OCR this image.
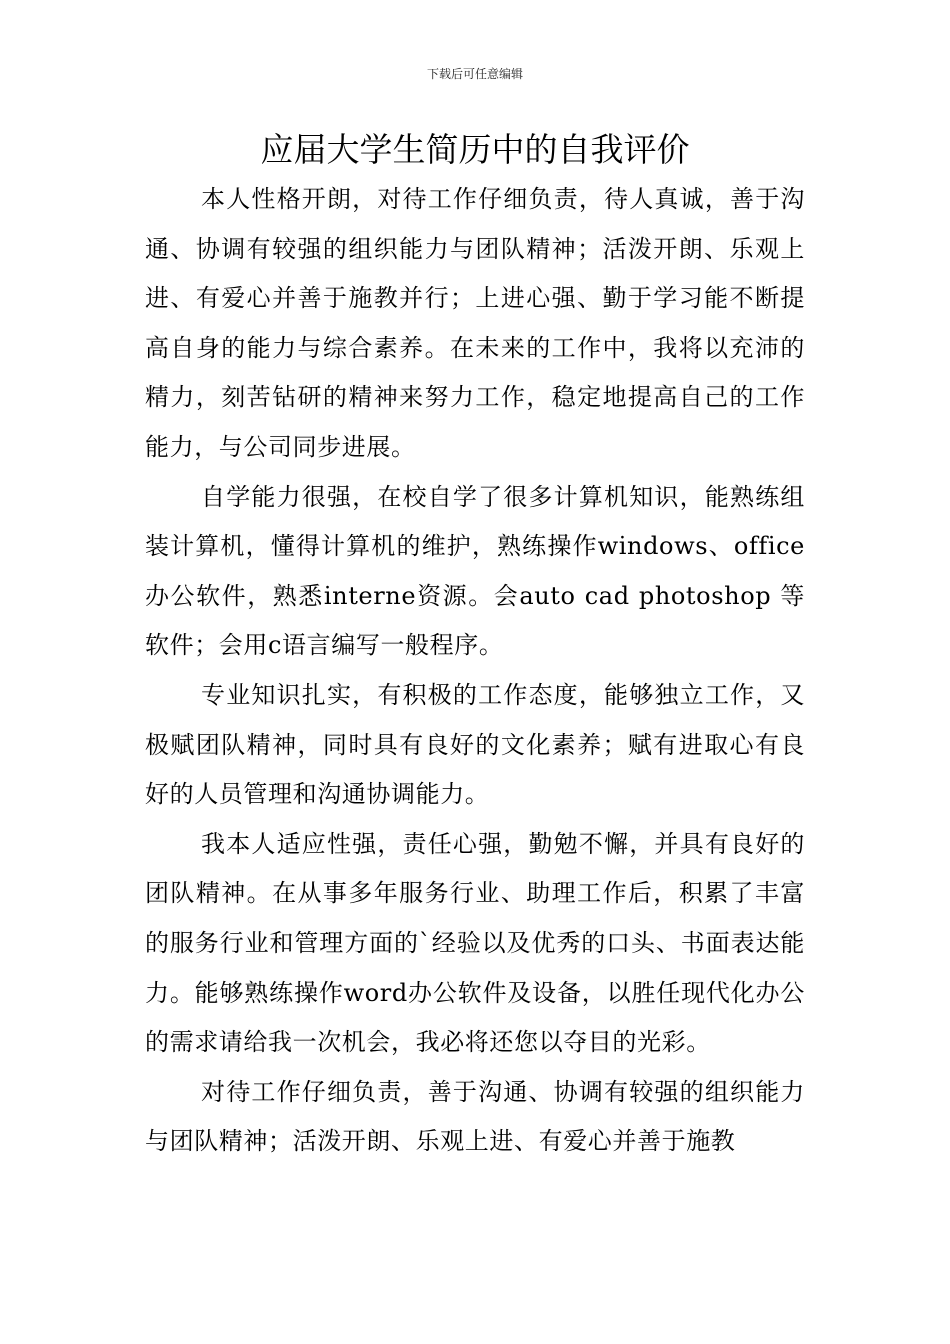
下载后可任意编辑
应届大学生简历中的自我评价

本人性格开朗，对待工作仔细负责，待人真诚，善于沟通、协调有较强的组织能力与团队精神；活泼开朗、乐观上进、有爱心并善于施教并行；上进心强、勤于学习能不断提高自身的能力与综合素养。在未来的工作中，我将以充沛的精力，刻苦钻研的精神来努力工作，稳定地提高自己的工作能力，与公司同步进展。

自学能力很强，在校自学了很多计算机知识，能熟练组装计算机，懂得计算机的维护，熟练操作windows、office办公软件，熟悉interne资源。会auto cad photoshop 等软件；会用c语言编写一般程序。

专业知识扎实，有积极的工作态度，能够独立工作，又极赋团队精神，同时具有良好的文化素养；赋有进取心有良好的人员管理和沟通协调能力。

我本人适应性强，责任心强，勤勉不懈，并具有良好的团队精神。在从事多年服务行业、助理工作后，积累了丰富的服务行业和管理方面的`经验以及优秀的口头、书面表达能力。能够熟练操作word办公软件及设备，以胜任现代化办公的需求请给我一次机会，我必将还您以夺目的光彩。

对待工作仔细负责，善于沟通、协调有较强的组织能力与团队精神；活泼开朗、乐观上进、有爱心并善于施教
